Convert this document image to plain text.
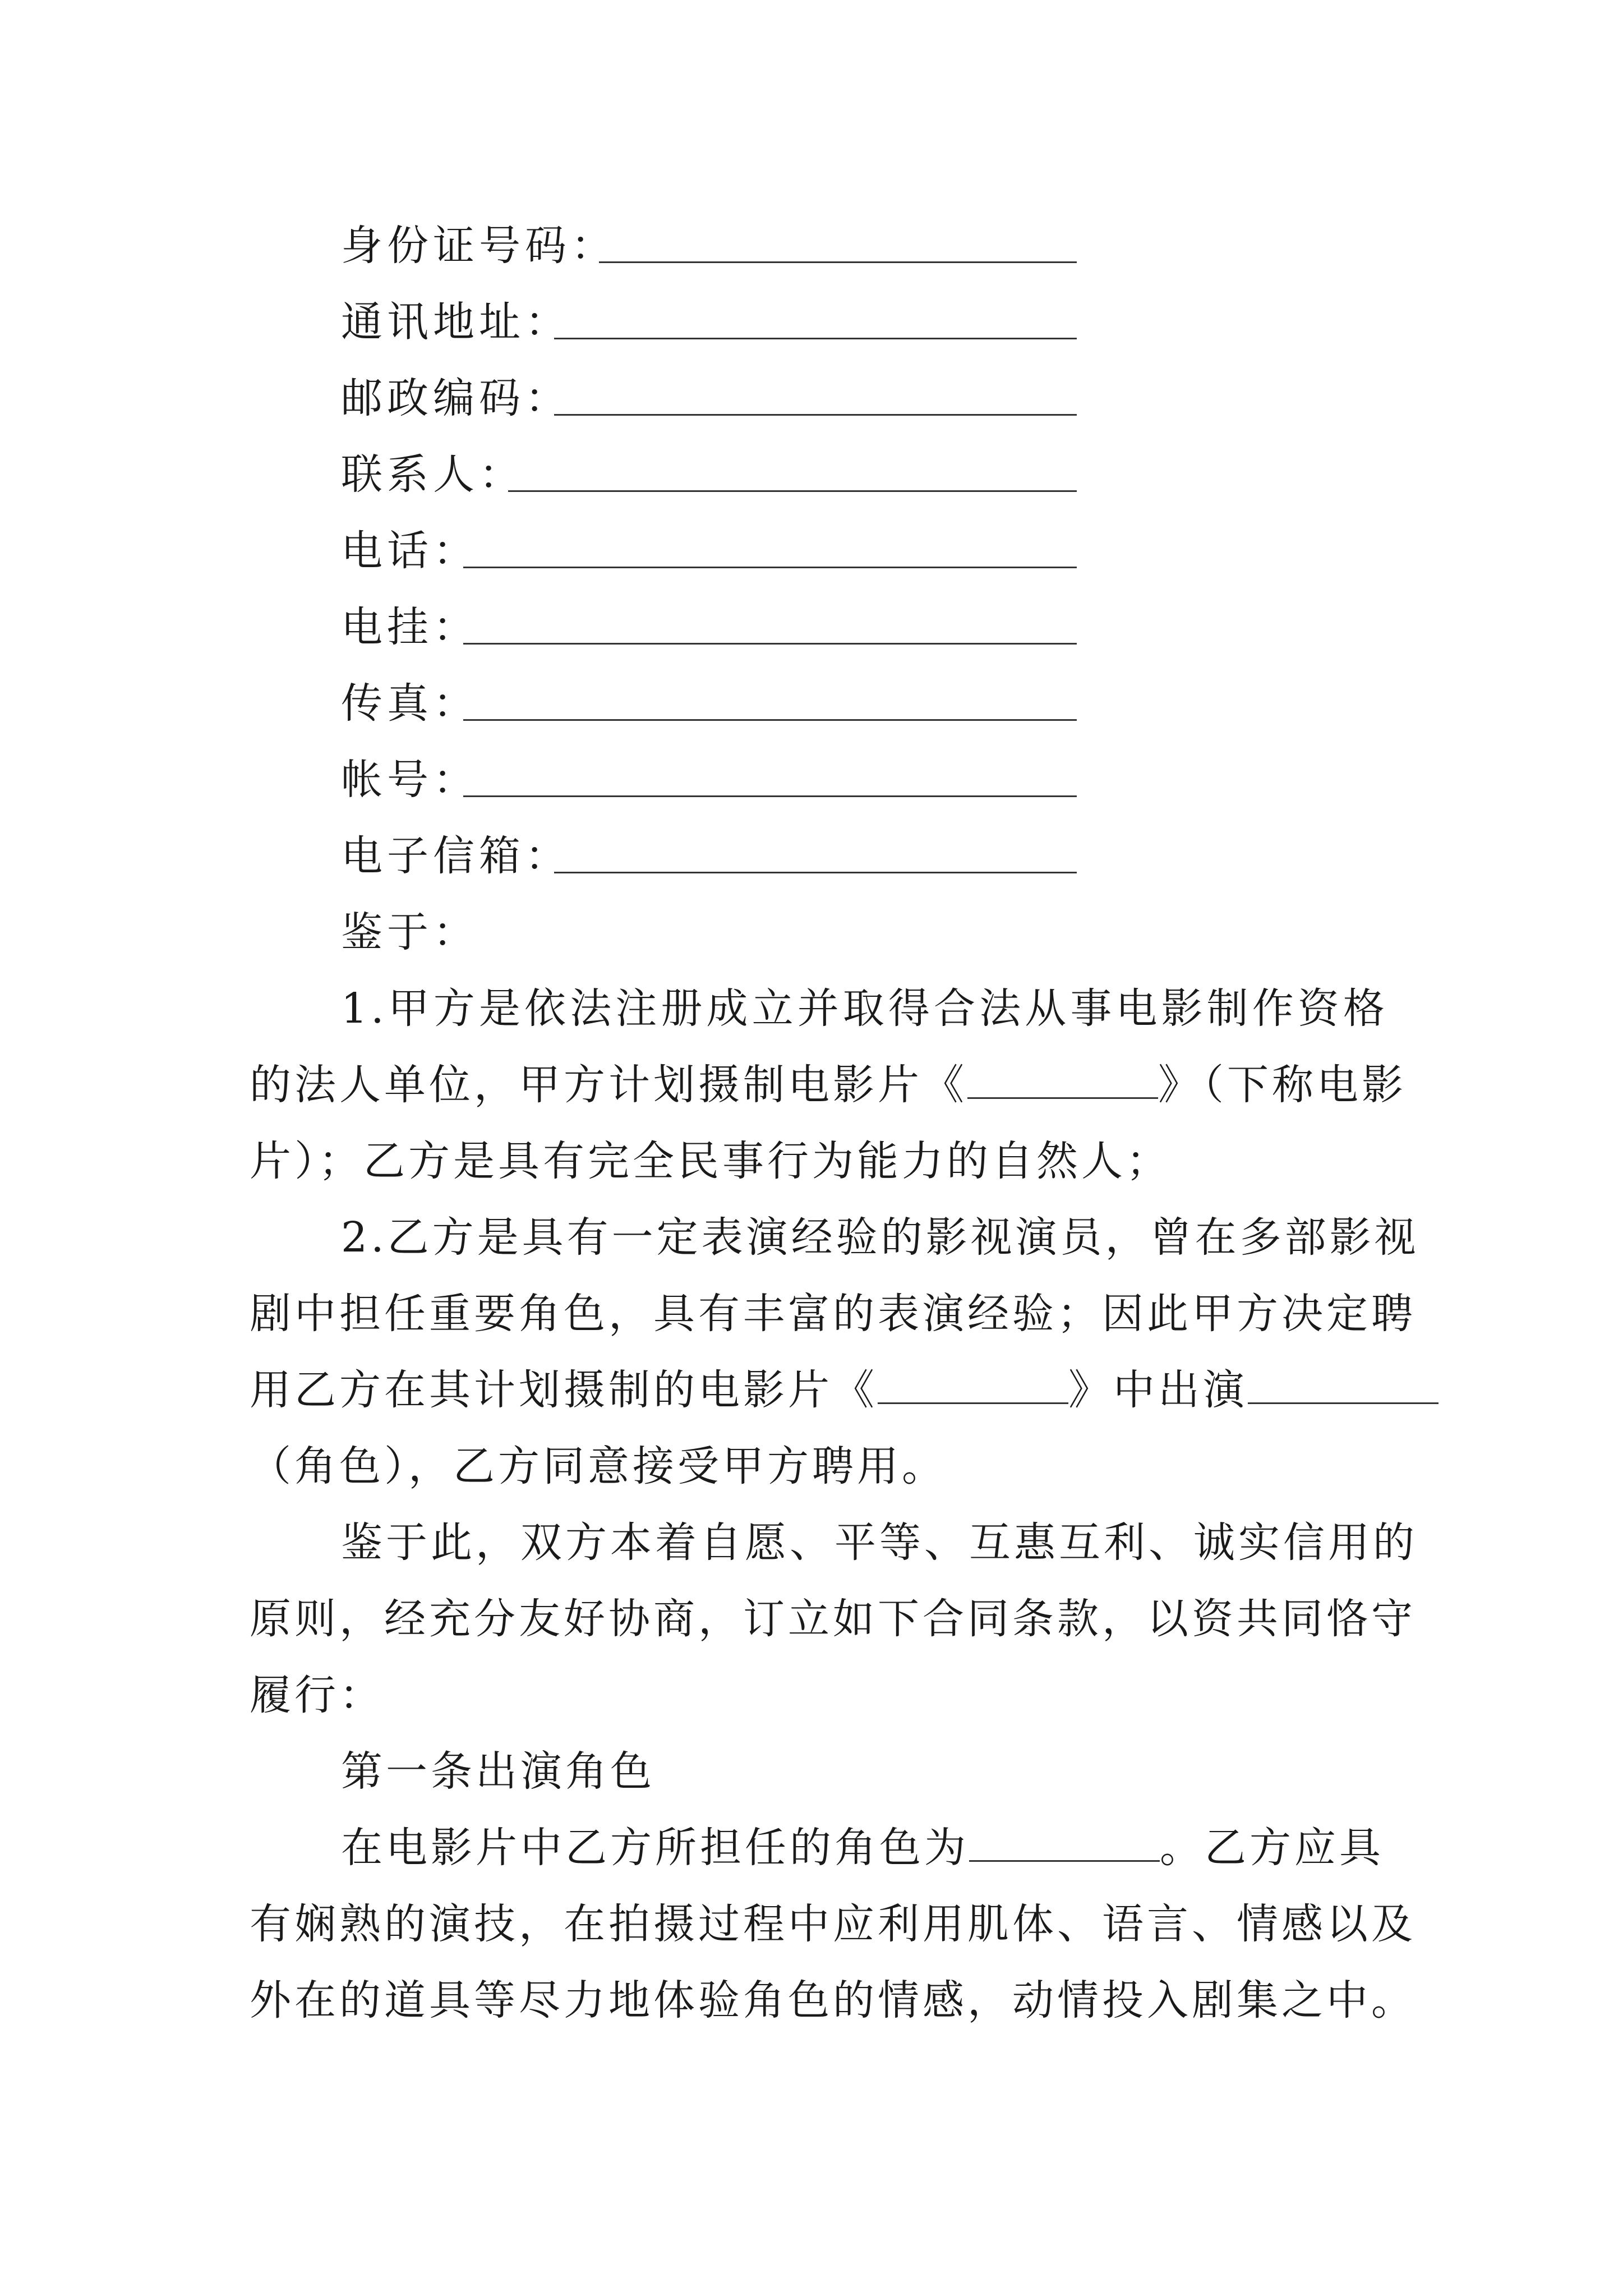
身份证号码：
通讯地址：
邮政编码：
联系人：
电话：
电挂：
传真：
帐号：
电子信箱：
鉴于：
1.甲方是依法注册成立并取得合法从事电影制作资格
的法人单位，甲方计划摄制电影片《	》（下称电影
片）；乙方是具有完全民事行为能力的自然人；
2.乙方是具有一定表演经验的影视演员，曾在多部影视
剧中担任重要角色，具有丰富的表演经验；因此甲方决定聘
用乙方在其计划摄制的电影片《	》中出演
（角色），乙方同意接受甲方聘用。
鉴于此，双方本着自愿、平等、互惠互利、诚实信用的
原则，经充分友好协商，订立如下合同条款，以资共同恪守
履行：
第一条出演角色
在电影片中乙方所担任的角色为	。乙方应具
有娴熟的演技，在拍摄过程中应利用肌体、语言、情感以及
外在的道具等尽力地体验角色的情感，动情投入剧集之中。
